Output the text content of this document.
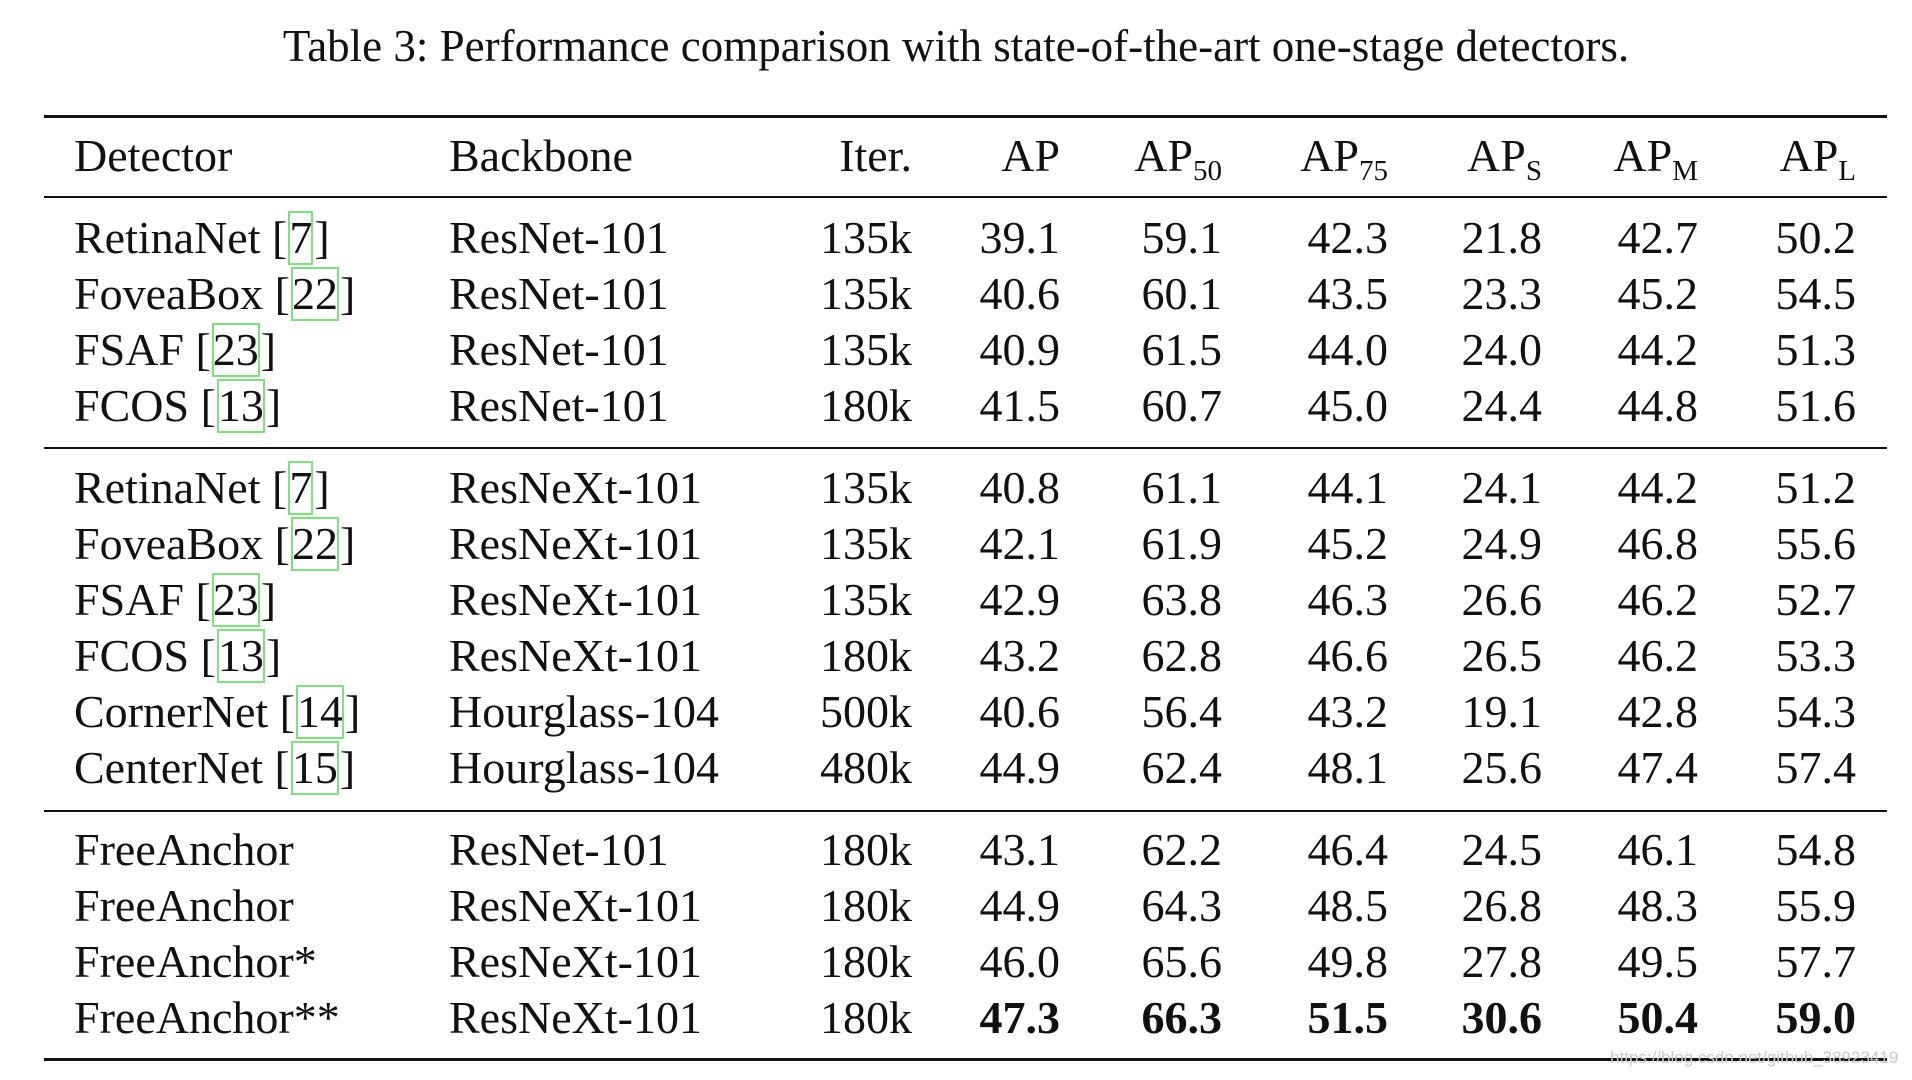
Table 3: Performance comparison with state-of-the-art one-stage detectors.
Detector	Backbone	Iter.	AP	$AP_{50}$	$AP_{75}$	$AP_S$	$AP_M$	$AP_L$
RetinaNet [7]	ResNet-101	135k	39.1	59.1	42.3	21.8	42.7	50.2
FoveaBox [22] ResNet-101	135k	40.6	60.1	43.5	23.3	45.2	54.5
FSAF [23]	ResNet-101	135k	40.9	61.5	44.0	24.0	44.2	51.3
FCOS [13]	ResNet-101	180k	41.5	60.7	45.0	24.4	44.8	51.6
RetinaNet [7]	ResNeXt-101	135k	40.8	61.1	44.1	24.1	44.2	51.2
FoveaBox [22] ResNeXt-101	135k	42.1	61.9	45.2	24.9	46.8	55.6
FSAF [23]	ResNeXt-101	135k	42.9	63.8	46.3	26.6	46.2	52.7
FCOS [13]	ResNeXt-101	180k	43.2	62.8	46.6	26.5	46.2	53.3
CornerNet [14] Hourglass-104	500k	40.6	56.4	43.2	19.1	42.8	54.3
CenterNet [15] Hourglass-104	480k	44.9	62.4	48.1	25.6	47.4	57.4
FreeAnchor	ResNet-101	180k	43.1	62.2	46.4	24.5	46.1	54.8
FreeAnchor	ResNeXt-101	180k	44.9	64.3	48.5	26.8	48.3	55.9
FreeAnchor*	ResNeXt-101	180k	46.0	65.6	49.8	27.8	49.5	57.7
FreeAnchor** ResNeXt-101	180k	47.3	66.3	51.5	30.6	50.4	59.0
https://blog.csdn.net/github_38923419
